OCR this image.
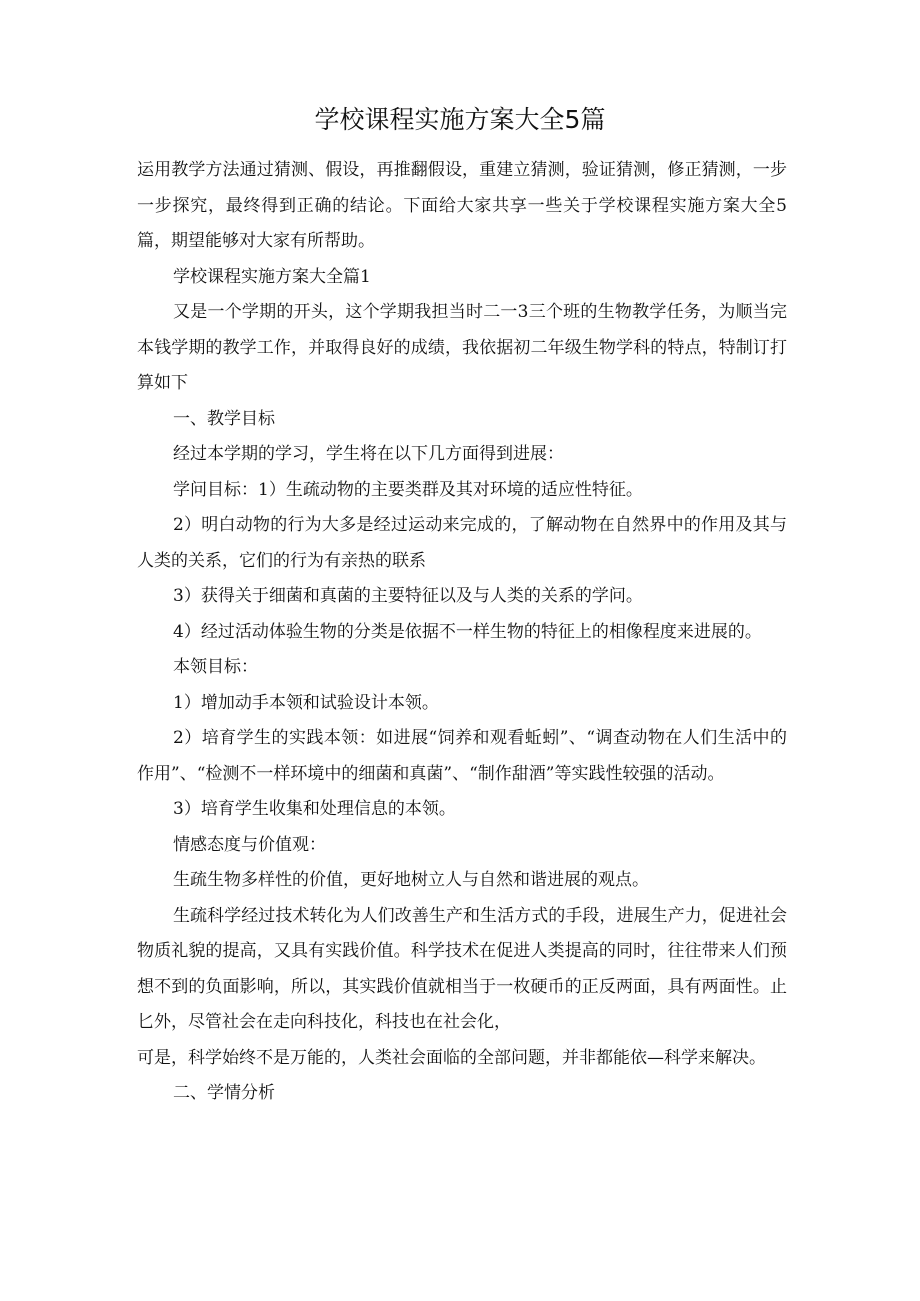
学校课程实施方案大全5篇

运用教学方法通过猜测、假设，再推翻假设，重建立猜测，验证猜测，修正猜测，一步一步探究，最终得到正确的结论。下面给大家共享一些关于学校课程实施方案大全5篇，期望能够对大家有所帮助。

学校课程实施方案大全篇1

又是一个学期的开头，这个学期我担当时二一3三个班的生物教学任务，为顺当完本钱学期的教学工作，并取得良好的成绩，我依据初二年级生物学科的特点，特制订打算如下

一、教学目标

经过本学期的学习，学生将在以下几方面得到进展：

学问目标：1）生疏动物的主要类群及其对环境的适应性特征。

2）明白动物的行为大多是经过运动来完成的，了解动物在自然界中的作用及其与人类的关系，它们的行为有亲热的联系

3）获得关于细菌和真菌的主要特征以及与人类的关系的学问。

4）经过活动体验生物的分类是依据不一样生物的特征上的相像程度来进展的。

本领目标：

1）增加动手本领和试验设计本领。

2）培育学生的实践本领：如进展“饲养和观看蚯蚓”、“调查动物在人们生活中的作用”、“检测不一样环境中的细菌和真菌”、“制作甜酒”等实践性较强的活动。

3）培育学生收集和处理信息的本领。

情感态度与价值观：

生疏生物多样性的价值，更好地树立人与自然和谐进展的观点。

生疏科学经过技术转化为人们改善生产和生活方式的手段，进展生产力，促进社会物质礼貌的提高，又具有实践价值。科学技术在促进人类提高的同时，往往带来人们预想不到的负面影响，所以，其实践价值就相当于一枚硬币的正反两面，具有两面性。止匕外，尽管社会在走向科技化，科技也在社会化，

可是，科学始终不是万能的，人类社会面临的全部问题，并非都能依—科学来解决。

二、学情分析
